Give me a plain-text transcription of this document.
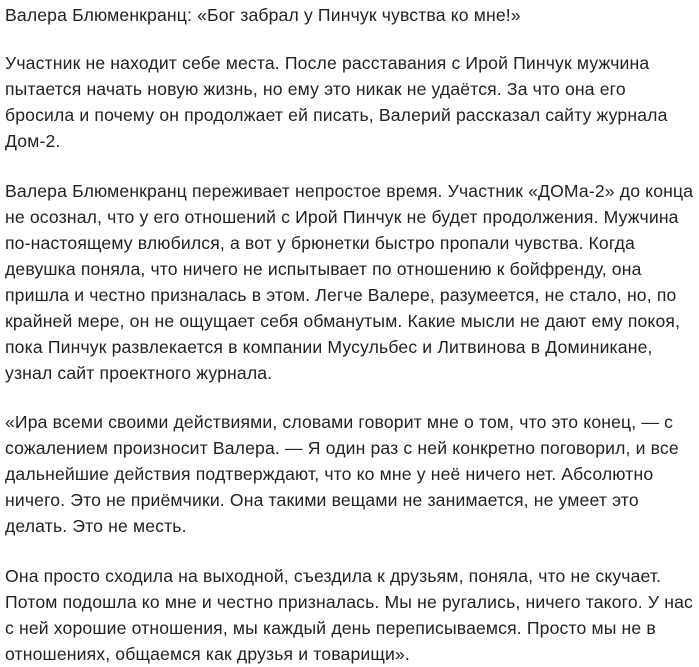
Валера Блюменкранц: «Бог забрал у Пинчук чувства ко мне!»

Участник не находит себе места. После расставания с Ирой Пинчук мужчина
пытается начать новую жизнь, но ему это никак не удаётся. За что она его
бросила и почему он продолжает ей писать, Валерий рассказал сайту журнала
Дом-2.

Валера Блюменкранц переживает непростое время. Участник «ДОМа-2» до конца
не осознал, что у его отношений с Ирой Пинчук не будет продолжения. Мужчина
по-настоящему влюбился, а вот у брюнетки быстро пропали чувства. Когда
девушка поняла, что ничего не испытывает по отношению к бойфренду, она
пришла и честно призналась в этом. Легче Валере, разумеется, не стало, но, по
крайней мере, он не ощущает себя обманутым. Какие мысли не дают ему покоя,
пока Пинчук развлекается в компании Мусульбес и Литвинова в Доминикане,
узнал сайт проектного журнала.

«Ира всеми своими действиями, словами говорит мне о том, что это конец, — с
сожалением произносит Валера. — Я один раз с ней конкретно поговорил, и все
дальнейшие действия подтверждают, что ко мне у неё ничего нет. Абсолютно
ничего. Это не приёмчики. Она такими вещами не занимается, не умеет это
делать. Это не месть.

Она просто сходила на выходной, съездила к друзьям, поняла, что не скучает.
Потом подошла ко мне и честно призналась. Мы не ругались, ничего такого. У нас
с ней хорошие отношения, мы каждый день переписываемся. Просто мы не в
отношениях, общаемся как друзья и товарищи».
